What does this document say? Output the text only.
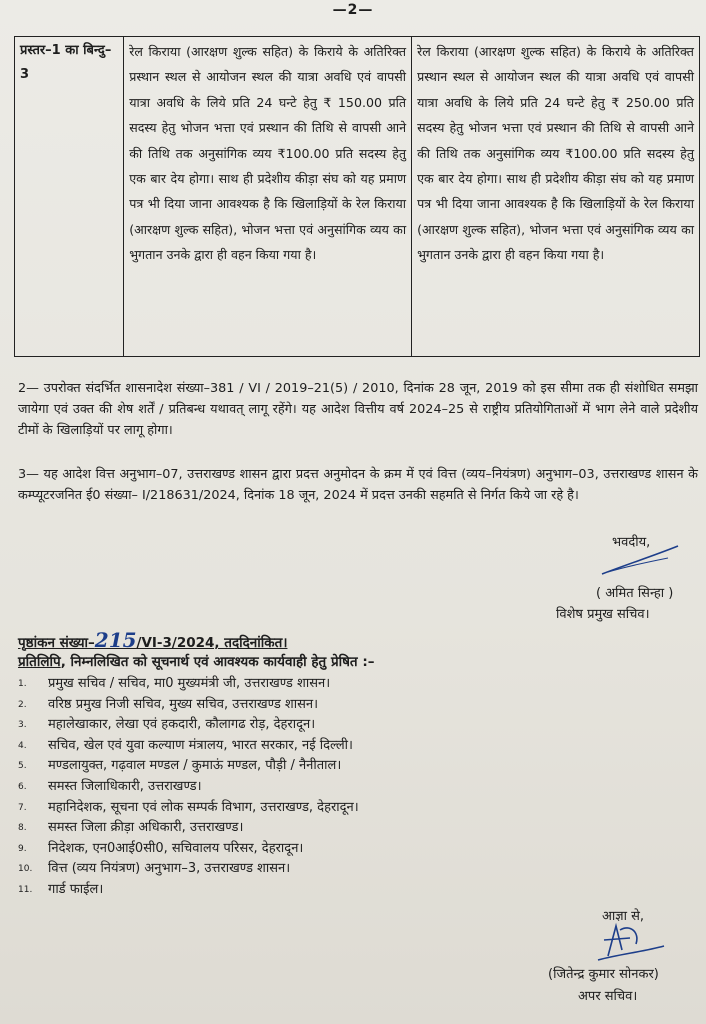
—2—
प्रस्तर–1 का बिन्दु–3	रेल किराया (आरक्षण शुल्क सहित) के किराये के अतिरिक्त प्रस्थान स्थल से आयोजन स्थल की यात्रा अवधि एवं वापसी यात्रा अवधि के लिये प्रति 24 घन्टे हेतु ₹ 150.00 प्रति सदस्य हेतु भोजन भत्ता एवं प्रस्थान की तिथि से वापसी आने की तिथि तक अनुसांगिक व्यय ₹100.00 प्रति सदस्य हेतु एक बार देय होगा। साथ ही प्रदेशीय कीड़ा संघ को यह प्रमाण पत्र भी दिया जाना आवश्यक है कि खिलाड़ियों के रेल किराया (आरक्षण शुल्क सहित), भोजन भत्ता एवं अनुसांगिक व्यय का भुगतान उनके द्वारा ही वहन किया गया है।	रेल किराया (आरक्षण शुल्क सहित) के किराये के अतिरिक्त प्रस्थान स्थल से आयोजन स्थल की यात्रा अवधि एवं वापसी यात्रा अवधि के लिये प्रति 24 घन्टे हेतु ₹ 250.00 प्रति सदस्य हेतु भोजन भत्ता एवं प्रस्थान की तिथि से वापसी आने की तिथि तक अनुसांगिक व्यय ₹100.00 प्रति सदस्य हेतु एक बार देय होगा। साथ ही प्रदेशीय कीड़ा संघ को यह प्रमाण पत्र भी दिया जाना आवश्यक है कि खिलाड़ियों के रेल किराया (आरक्षण शुल्क सहित), भोजन भत्ता एवं अनुसांगिक व्यय का भुगतान उनके द्वारा ही वहन किया गया है।
2— उपरोक्त संदर्भित शासनादेश संख्या–381 / VI / 2019–21(5) / 2010, दिनांक 28 जून, 2019 को इस सीमा तक ही संशोधित समझा जायेगा एवं उक्त की शेष शर्तें / प्रतिबन्ध यथावत् लागू रहेंगे। यह आदेश वित्तीय वर्ष 2024–25 से राष्ट्रीय प्रतियोगिताओं में भाग लेने वाले प्रदेशीय टीमों के खिलाड़ियों पर लागू होगा।
3— यह आदेश वित्त अनुभाग–07, उत्तराखण्ड शासन द्वारा प्रदत्त अनुमोदन के क्रम में एवं वित्त (व्यय–नियंत्रण) अनुभाग–03, उत्तराखण्ड शासन के कम्प्यूटरजनित ई0 संख्या– I/218631/2024, दिनांक 18 जून, 2024 में प्रदत्त उनकी सहमति से निर्गत किये जा रहे है।
भवदीय,
( अमित सिन्हा )
विशेष प्रमुख सचिव।
पृष्ठांकन संख्या–215/VI-3/2024, तददिनांकित।
प्रतिलिपि, निम्नलिखित को सूचनार्थ एवं आवश्यक कार्यवाही हेतु प्रेषित :–
1.	प्रमुख सचिव / सचिव, मा0 मुख्यमंत्री जी, उत्तराखण्ड शासन।
2.	वरिष्ठ प्रमुख निजी सचिव, मुख्य सचिव, उत्तराखण्ड शासन।
3.	महालेखाकार, लेखा एवं हकदारी, कौलागढ रोड़, देहरादून।
4.	सचिव, खेल एवं युवा कल्याण मंत्रालय, भारत सरकार, नई दिल्ली।
5.	मण्डलायुक्त, गढ़वाल मण्डल / कुमाऊं मण्डल, पौड़ी / नैनीताल।
6.	समस्त जिलाधिकारी, उत्तराखण्ड।
7.	महानिदेशक, सूचना एवं लोक सम्पर्क विभाग, उत्तराखण्ड, देहरादून।
8.	समस्त जिला क्रीड़ा अधिकारी, उत्तराखण्ड।
9.	निदेशक, एन0आई0सी0, सचिवालय परिसर, देहरादून।
10.	वित्त (व्यय नियंत्रण) अनुभाग–3, उत्तराखण्ड शासन।
11.	गार्ड फाईल।
आज्ञा से,
(जितेन्द्र कुमार सोनकर)
अपर सचिव।
